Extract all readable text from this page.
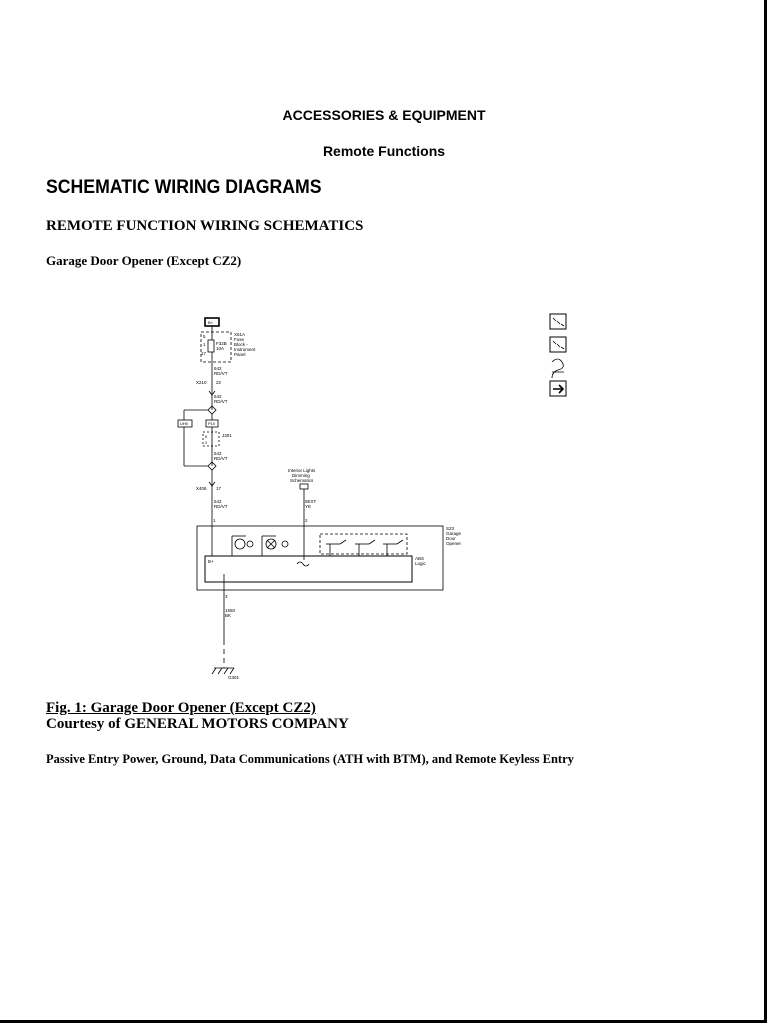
ACCESSORIES & EQUIPMENT
Remote Functions
SCHEMATIC WIRING DIAGRAMS
REMOTE FUNCTION WIRING SCHEMATICS
Garage Door Opener (Except CZ2)
B+
X51A
Fuse
Block -
Instrument
Panel
F32B
10A
5
1
17
542
RD/VT
X210 22
542
RD/VT
UH0	P10
J301
8
3
542
RD/VT
X406 17
542
RD/VT
Interior Lights
Dimming
Schematics
6EXT
YE
1	2
3
S23
Garage
Door
Opener
B+
ABS
Logic
1550
BK
G301
Fig. 1: Garage Door Opener (Except CZ2)
Courtesy of GENERAL MOTORS COMPANY
Passive Entry Power, Ground, Data Communications (ATH with BTM), and Remote Keyless Entry
